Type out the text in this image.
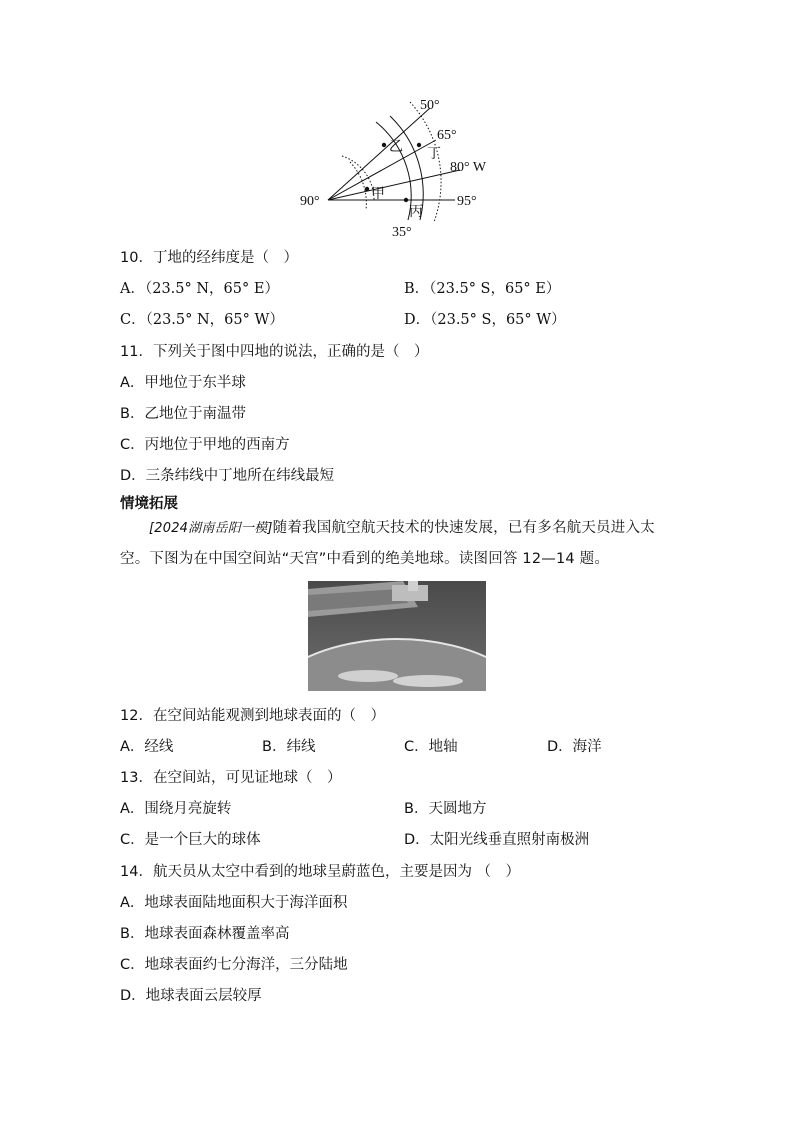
50°
65°
80° W
95°
90°
35°
甲
乙
丙
丁
10．丁地的经纬度是（　）
A．（23.5° N，65° E）	B．（23.5° S，65° E）
C．（23.5° N，65° W）	D．（23.5° S，65° W）
11．下列关于图中四地的说法，正确的是（　）
A．甲地位于东半球
B．乙地位于南温带
C．丙地位于甲地的西南方
D．三条纬线中丁地所在纬线最短
情境拓展
[2024湖南岳阳一模]随着我国航空航天技术的快速发展，已有多名航天员进入太空。下图为在中国空间站“天宫”中看到的绝美地球。读图回答 12—14 题。
12．在空间站能观测到地球表面的（　）
A．经线	B．纬线	C．地轴	D．海洋
13．在空间站，可见证地球（　）
A．围绕月亮旋转	B．天圆地方
C．是一个巨大的球体	D．太阳光线垂直照射南极洲
14．航天员从太空中看到的地球呈蔚蓝色，主要是因为 （　）
A．地球表面陆地面积大于海洋面积
B．地球表面森林覆盖率高
C．地球表面约七分海洋，三分陆地
D．地球表面云层较厚
